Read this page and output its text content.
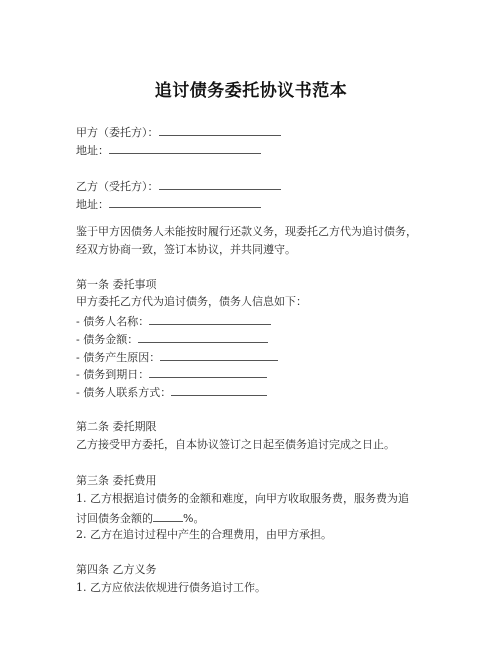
追讨债务委托协议书范本
甲方（委托方）：
地址：
乙方（受托方）：
地址：
鉴于甲方因债务人未能按时履行还款义务，现委托乙方代为追讨债务，
经双方协商一致，签订本协议，并共同遵守。
第一条 委托事项
甲方委托乙方代为追讨债务，债务人信息如下：
- 债务人名称：
- 债务金额：
- 债务产生原因：
- 债务到期日：
- 债务人联系方式：
第二条 委托期限
乙方接受甲方委托，自本协议签订之日起至债务追讨完成之日止。
第三条 委托费用
1. 乙方根据追讨债务的金额和难度，向甲方收取服务费，服务费为追
讨回债务金额的	%。
2. 乙方在追讨过程中产生的合理费用，由甲方承担。
第四条 乙方义务
1. 乙方应依法依规进行债务追讨工作。
